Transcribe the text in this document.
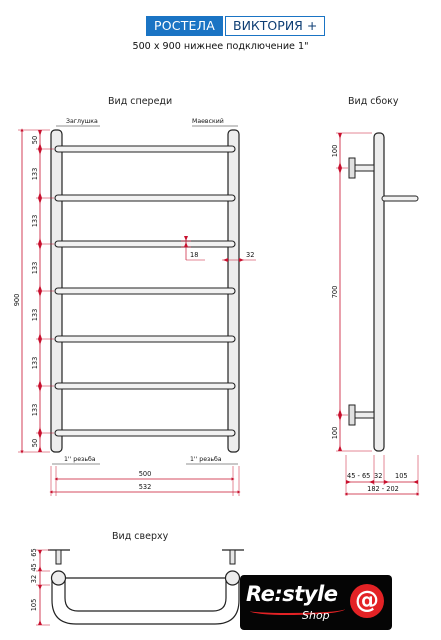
РОСТЕЛА	ВИКТОРИЯ +
500 х 900 нижнее подключение 1"
Вид спереди
Заглушка	Маевский
900
50
133
133
133
133
133
133
50
18	32
1'' резьба	1'' резьба
500
532
Вид сбоку
100
700
100
45 - 65 32 105
182 - 202
Вид сверху
45 - 65
32
105	Re:style @
Shop
